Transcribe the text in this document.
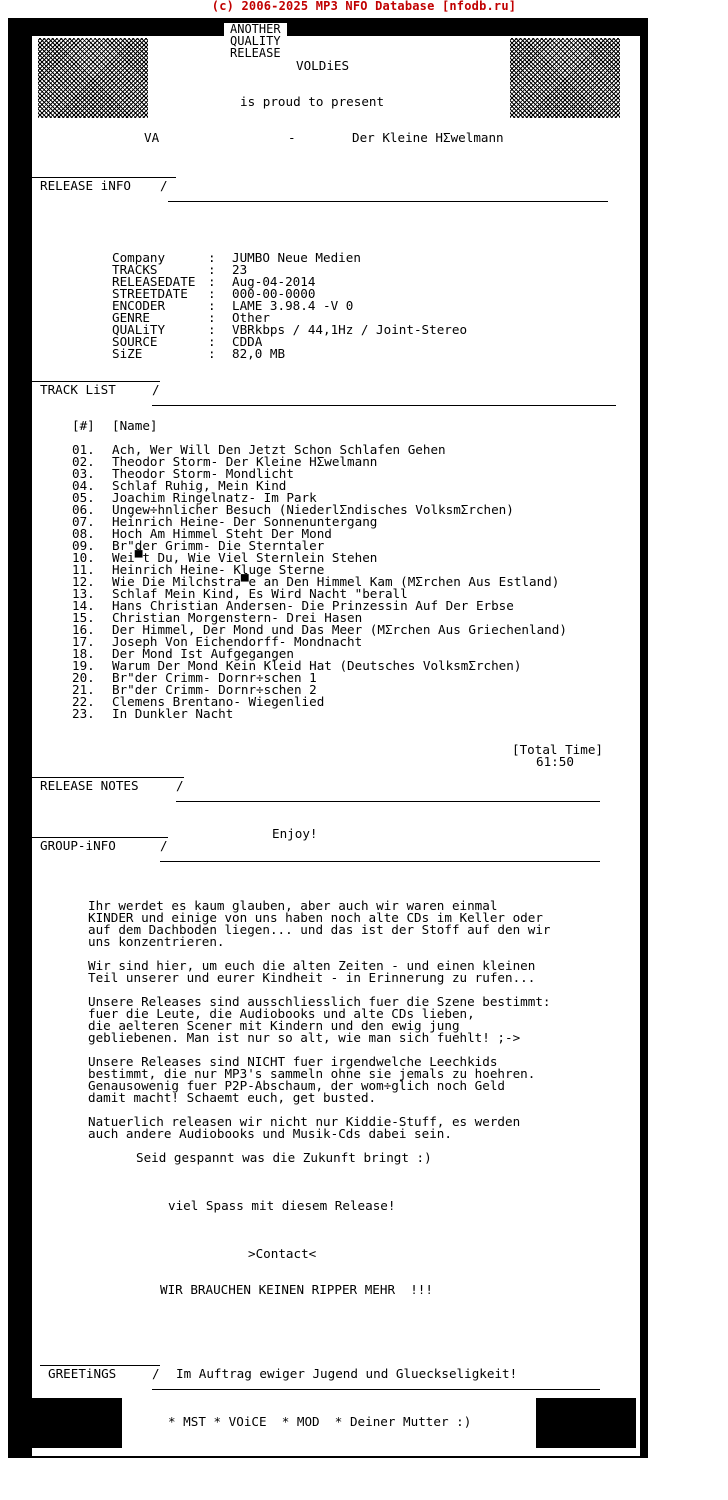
(c) 2006-2025 MP3 NFO Database [nfodb.ru]
ANOTHER QUALITY RELEASE
VOLDiES
is proud to present
VA	-	Der Kleine HΣwelmann
RELEASE iNFO /
Company	: JUMBO Neue Medien
TRACKS	: 23
RELEASEDATE : Aug-04-2014
STREETDATE : 000-00-0000
ENCODER	: LAME 3.98.4 -V 0
GENRE	: Other
QUALiTY	: VBRkbps / 44,1Hz / Joint-Stereo
SOURCE	: CDDA
SiZE	: 82,0 MB
TRACK LiST	/
[#] [Name]
01. Ach, Wer Will Den Jetzt Schon Schlafen Gehen
02. Theodor Storm- Der Kleine HΣwelmann
03. Theodor Storm- Mondlicht
04. Schlaf Ruhig, Mein Kind
05. Joachim Ringelnatz- Im Park
06. Ungew÷hnlicher Besuch (NiederlΣndisches VolksmΣrchen)
07. Heinrich Heine- Der Sonnenuntergang
08. Hoch Am Himmel Steht Der Mond
09. Br"der Grimm- Die Sterntaler
10. Wei▀t Du, Wie Viel Sternlein Stehen
11. Heinrich Heine- Kluge Sterne
12. Wie Die Milchstra▀e an Den Himmel Kam (MΣrchen Aus Estland)
13. Schlaf Mein Kind, Es Wird Nacht "berall
14. Hans Christian Andersen- Die Prinzessin Auf Der Erbse
15. Christian Morgenstern- Drei Hasen
16. Der Himmel, Der Mond und Das Meer (MΣrchen Aus Griechenland)
17. Joseph Von Eichendorff- Mondnacht
18. Der Mond Ist Aufgegangen
19. Warum Der Mond Kein Kleid Hat (Deutsches VolksmΣrchen)
20. Br"der Crimm- Dornr÷schen 1
21. Br"der Crimm- Dornr÷schen 2
22. Clemens Brentano- Wiegenlied
23. In Dunkler Nacht
[Total Time]
61:50
RELEASE NOTES	/
Enjoy!
GROUP-iNFO	/
Ihr werdet es kaum glauben, aber auch wir waren einmal
KINDER und einige von uns haben noch alte CDs im Keller oder
auf dem Dachboden liegen... und das ist der Stoff auf den wir
uns konzentrieren.
Wir sind hier, um euch die alten Zeiten - und einen kleinen
Teil unserer und eurer Kindheit - in Erinnerung zu rufen...
Unsere Releases sind ausschliesslich fuer die Szene bestimmt:
fuer die Leute, die Audiobooks und alte CDs lieben,
die aelteren Scener mit Kindern und den ewig jung
gebliebenen. Man ist nur so alt, wie man sich fuehlt! ;->
Unsere Releases sind NICHT fuer irgendwelche Leechkids
bestimmt, die nur MP3's sammeln ohne sie jemals zu hoehren.
Genausowenig fuer P2P-Abschaum, der wom÷glich noch Geld
damit macht! Schaemt euch, get busted.
Natuerlich releasen wir nicht nur Kiddie-Stuff, es werden
auch andere Audiobooks und Musik-Cds dabei sein.
Seid gespannt was die Zukunft bringt :)
viel Spass mit diesem Release!
>Contact<
WIR BRAUCHEN KEINEN RIPPER MEHR  !!!
GREETiNGS	/ Im Auftrag ewiger Jugend und Glueckseligkeit!
* MST * VOiCE  * MOD  * Deiner Mutter :)
